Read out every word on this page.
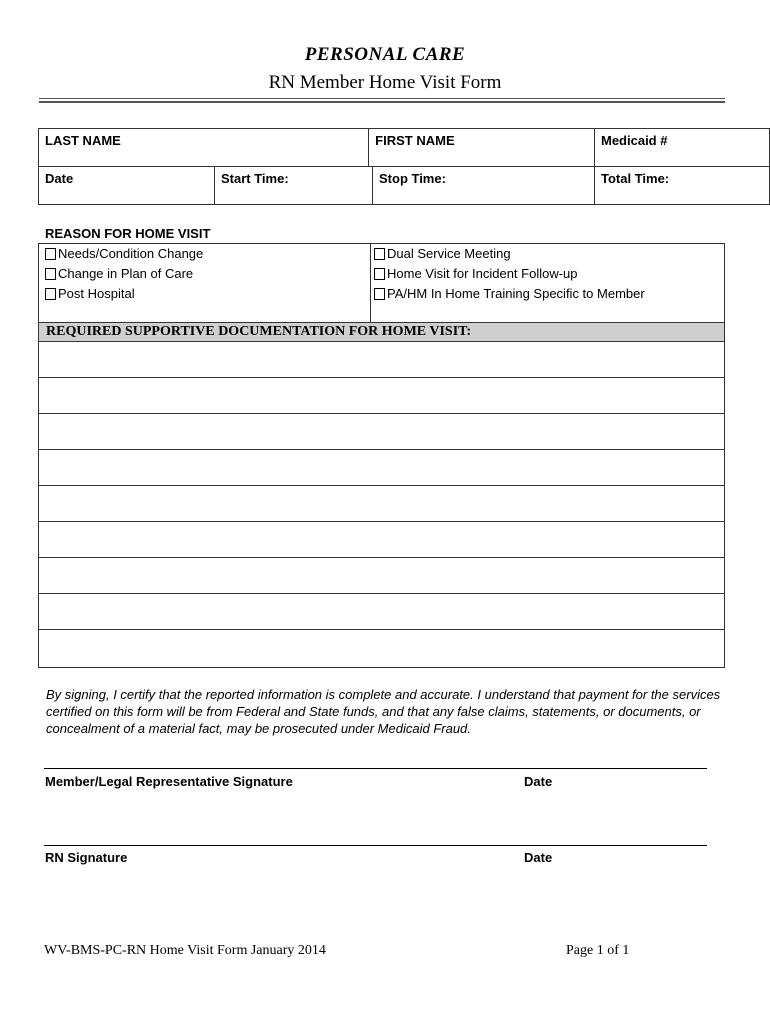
PERSONAL CARE
RN Member Home Visit Form
LAST NAME		FIRST NAME		Medicaid #
Date	Start Time:		Stop Time:	Total Time:
REASON FOR HOME VISIT
Needs/Condition Change
Change in Plan of Care
Post Hospital
Dual Service Meeting
Home Visit for Incident Follow-up
PA/HM In Home Training Specific to Member
REQUIRED SUPPORTIVE DOCUMENTATION FOR HOME VISIT:
By signing, I certify that the reported information is complete and accurate. I understand that payment for the services certified on this form will be from Federal and State funds, and that any false claims, statements, or documents, or concealment of a material fact, may be prosecuted under Medicaid Fraud.
Member/Legal Representative Signature	Date
RN Signature	Date
WV-BMS-PC-RN Home Visit Form January 2014	Page 1 of 1
